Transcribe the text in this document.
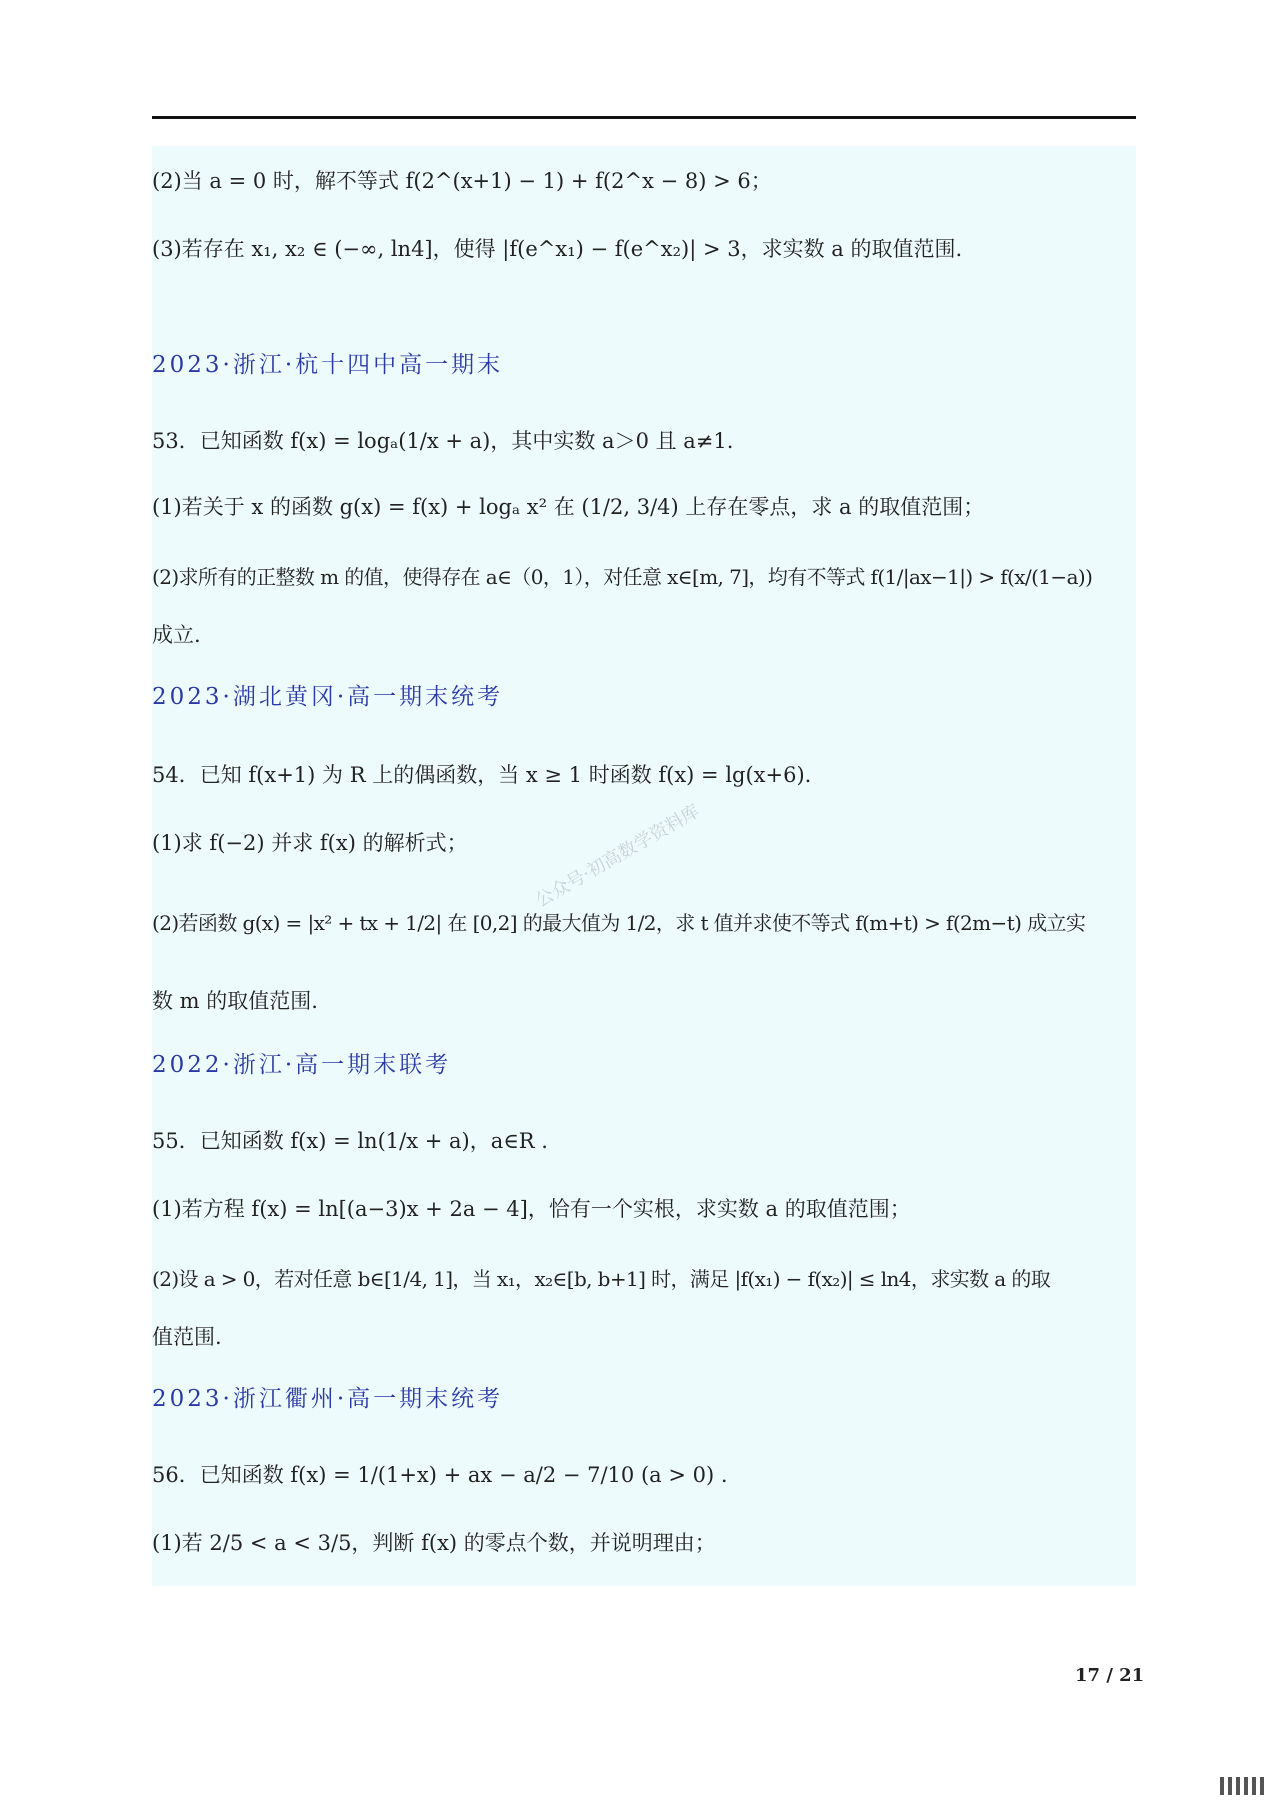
(2)当 a = 0 时，解不等式 f(2^(x+1) − 1) + f(2^x − 8) > 6；
(3)若存在 x₁, x₂ ∈ (−∞, ln4]，使得 |f(e^x₁) − f(e^x₂)| > 3，求实数 a 的取值范围.
2023·浙江·杭十四中高一期末
53．已知函数 f(x) = logₐ(1/x + a)，其中实数 a＞0 且 a≠1.
(1)若关于 x 的函数 g(x) = f(x) + logₐ x² 在 (1/2, 3/4) 上存在零点，求 a 的取值范围；
(2)求所有的正整数 m 的值，使得存在 a∈（0，1），对任意 x∈[m, 7]，均有不等式 f(1/|ax−1|) > f(x/(1−a))
成立.
2023·湖北黄冈·高一期末统考
54．已知 f(x+1) 为 R 上的偶函数，当 x ≥ 1 时函数 f(x) = lg(x+6).
(1)求 f(−2) 并求 f(x) 的解析式；
(2)若函数 g(x) = |x² + tx + 1/2| 在 [0,2] 的最大值为 1/2，求 t 值并求使不等式 f(m+t) > f(2m−t) 成立实
数 m 的取值范围.
2022·浙江·高一期末联考
55．已知函数 f(x) = ln(1/x + a)，a∈R .
(1)若方程 f(x) = ln[(a−3)x + 2a − 4]，恰有一个实根，求实数 a 的取值范围；
(2)设 a > 0，若对任意 b∈[1/4, 1]，当 x₁，x₂∈[b, b+1] 时，满足 |f(x₁) − f(x₂)| ≤ ln4，求实数 a 的取
值范围.
2023·浙江衢州·高一期末统考
56．已知函数 f(x) = 1/(1+x) + ax − a/2 − 7/10 (a > 0) .
(1)若 2/5 < a < 3/5，判断 f(x) 的零点个数，并说明理由；
公众号·初高数学资料库
17 / 21
